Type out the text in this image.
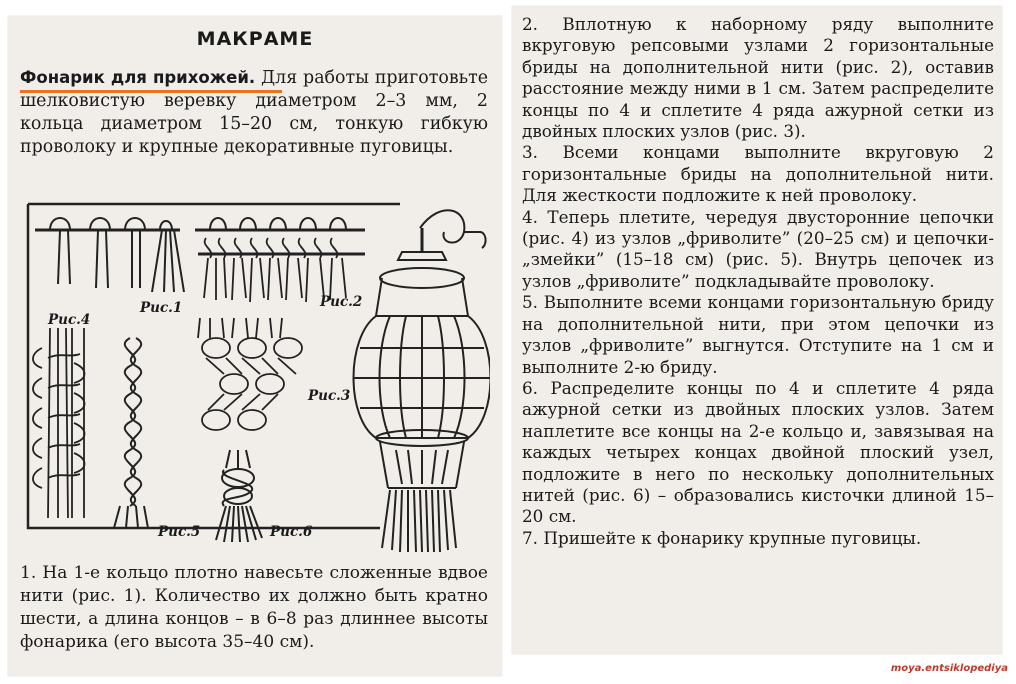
МАКРАМЕ
Фонарик для прихожей. Для работы приготовьте шелковистую веревку диаметром 2–3 мм, 2 кольца диаметром 15–20 см, тонкую гибкую проволоку и крупные декоративные пуговицы.
Рис.1	Рис.2
Рис.3
Рис.4
Рис.5	Рис.6
1. На 1-е кольцо плотно навесьте сложенные вдвое нити (рис. 1). Количество их должно быть кратно шести, а длина концов – в 6–8 раз длиннее высоты фонарика (его высота 35–40 см).

2. Вплотную к наборному ряду выполните вкруговую репсовыми узлами 2 горизонтальные бриды на дополнительной нити (рис. 2), оставив расстояние между ними в 1 см. Затем распределите концы по 4 и сплетите 4 ряда ажурной сетки из двойных плоских узлов (рис. 3).

3. Всеми концами выполните вкруговую 2 горизонтальные бриды на дополнительной нити. Для жесткости подложите к ней проволоку.

4. Теперь плетите, чередуя двусторонние цепочки (рис. 4) из узлов „фриволите” (20–25 см) и цепочки-„змейки” (15–18 см) (рис. 5). Внутрь цепочек из узлов „фриволите” подкладывайте проволоку.

5. Выполните всеми концами горизонтальную бриду на дополнительной нити, при этом цепочки из узлов „фриволите” выгнутся. Отступите на 1 см и выполните 2-ю бриду.

6. Распределите концы по 4 и сплетите 4 ряда ажурной сетки из двойных плоских узлов. Затем наплетите все концы на 2-е кольцо и, завязывая на каждых четырех концах двойной плоский узел, подложите в него по нескольку дополнительных нитей (рис. 6) – образовались кисточки длиной 15–20 см.

7. Пришейте к фонарику крупные пуговицы.

moya.entsiklopediya
